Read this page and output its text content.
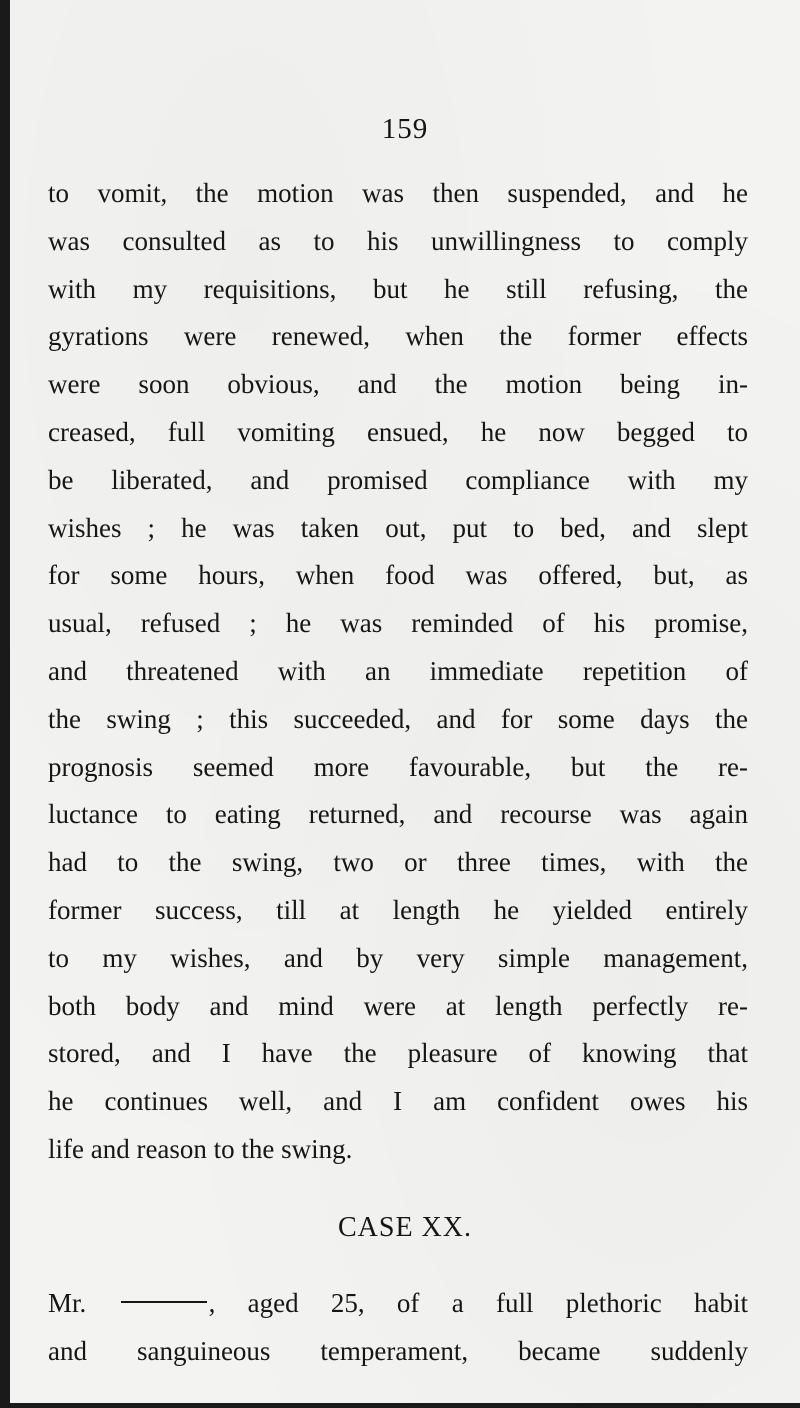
159
to vomit, the motion was then suspended, and he
was consulted as to his unwillingness to comply
with my requisitions, but he still refusing, the
gyrations were renewed, when the former effects
were soon obvious, and the motion being in-
creased, full vomiting ensued, he now begged to
be liberated, and promised compliance with my
wishes ; he was taken out, put to bed, and slept
for some hours, when food was offered, but, as
usual, refused ; he was reminded of his promise,
and threatened with an immediate repetition of
the swing ; this succeeded, and for some days the
prognosis seemed more favourable, but the re-
luctance to eating returned, and recourse was again
had to the swing, two or three times, with the
former success, till at length he yielded entirely
to my wishes, and by very simple management,
both body and mind were at length perfectly re-
stored, and I have the pleasure of knowing that
he continues well, and I am confident owes his
life and reason to the swing.
CASE XX.
Mr.	, aged 25, of a full plethoric habit
and sanguineous temperament, became suddenly
